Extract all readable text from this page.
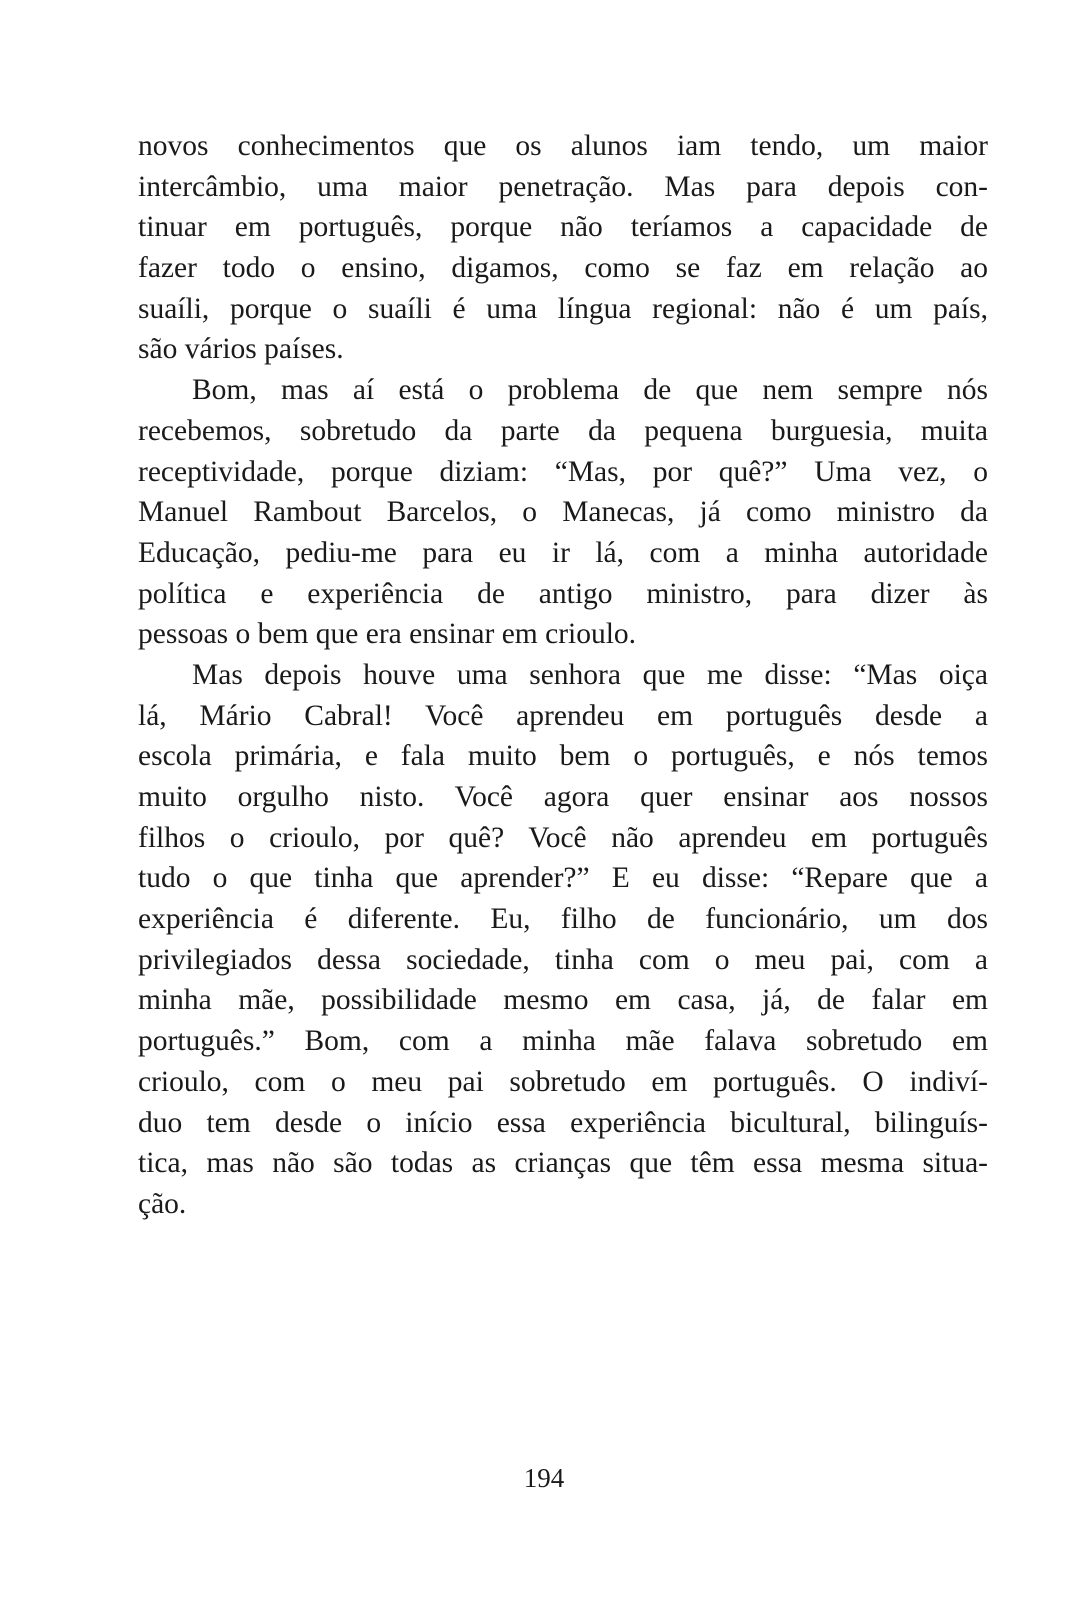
novos conhecimentos que os alunos iam tendo, um maior
intercâmbio, uma maior penetração. Mas para depois con-
tinuar em português, porque não teríamos a capacidade de
fazer todo o ensino, digamos, como se faz em relação ao
suaíli, porque o suaíli é uma língua regional: não é um país,
são vários países.
Bom, mas aí está o problema de que nem sempre nós
recebemos, sobretudo da parte da pequena burguesia, muita
receptividade, porque diziam: “Mas, por quê?” Uma vez, o
Manuel Rambout Barcelos, o Manecas, já como ministro da
Educação, pediu-me para eu ir lá, com a minha autoridade
política e experiência de antigo ministro, para dizer às
pessoas o bem que era ensinar em crioulo.
Mas depois houve uma senhora que me disse: “Mas oiça
lá, Mário Cabral! Você aprendeu em português desde a
escola primária, e fala muito bem o português, e nós temos
muito orgulho nisto. Você agora quer ensinar aos nossos
filhos o crioulo, por quê? Você não aprendeu em português
tudo o que tinha que aprender?” E eu disse: “Repare que a
experiência é diferente. Eu, filho de funcionário, um dos
privilegiados dessa sociedade, tinha com o meu pai, com a
minha mãe, possibilidade mesmo em casa, já, de falar em
português.” Bom, com a minha mãe falava sobretudo em
crioulo, com o meu pai sobretudo em português. O indiví-
duo tem desde o início essa experiência bicultural, bilinguís-
tica, mas não são todas as crianças que têm essa mesma situa-
ção.
194
